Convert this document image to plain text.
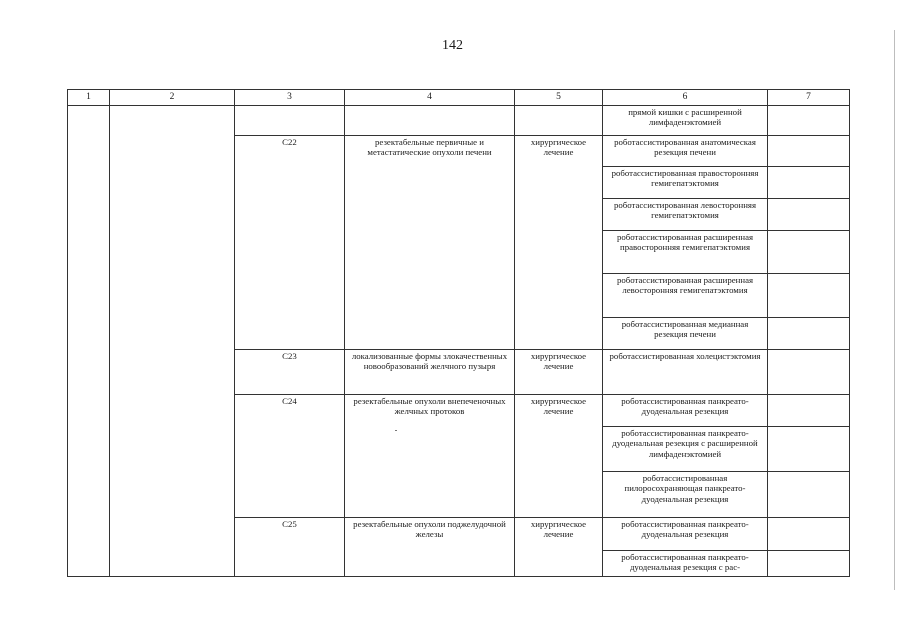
142
1	2	3	4	5	6	7
					прямой кишки с расширенной лимфаденэктомией	
		C22	резектабельные первичные и метастатические опухоли печени	хирургическое лечение	роботассистированная анатомическая резекция печени	
					роботассистированная правосторонняя гемигепатэктомия	
					роботассистированная левосторонняя гемигепатэктомия	
					роботассистированная расширенная правосторонняя гемигепатэктомия	
					роботассистированная расширенная левосторонняя гемигепатэктомия	
					роботассистированная медианная резекция печени	
		C23	локализованные формы злокачественных новообразований желчного пузыря	хирургическое лечение	роботассистированная холецистэктомия	
		C24	резектабельные опухоли внепеченочных желчных протоков	хирургическое лечение	роботассистированная панкреато-дуоденальная резекция	
					роботассистированная панкреато-дуоденальная резекция с расширенной лимфаденэктомией	
					роботассистированная пилоросохраняющая панкреато-дуоденальная резекция	
		C25	резектабельные опухоли поджелудочной железы	хирургическое лечение	роботассистированная панкреато-дуоденальная резекция	
					роботассистированная панкреато-дуоденальная резекция с рас-	
